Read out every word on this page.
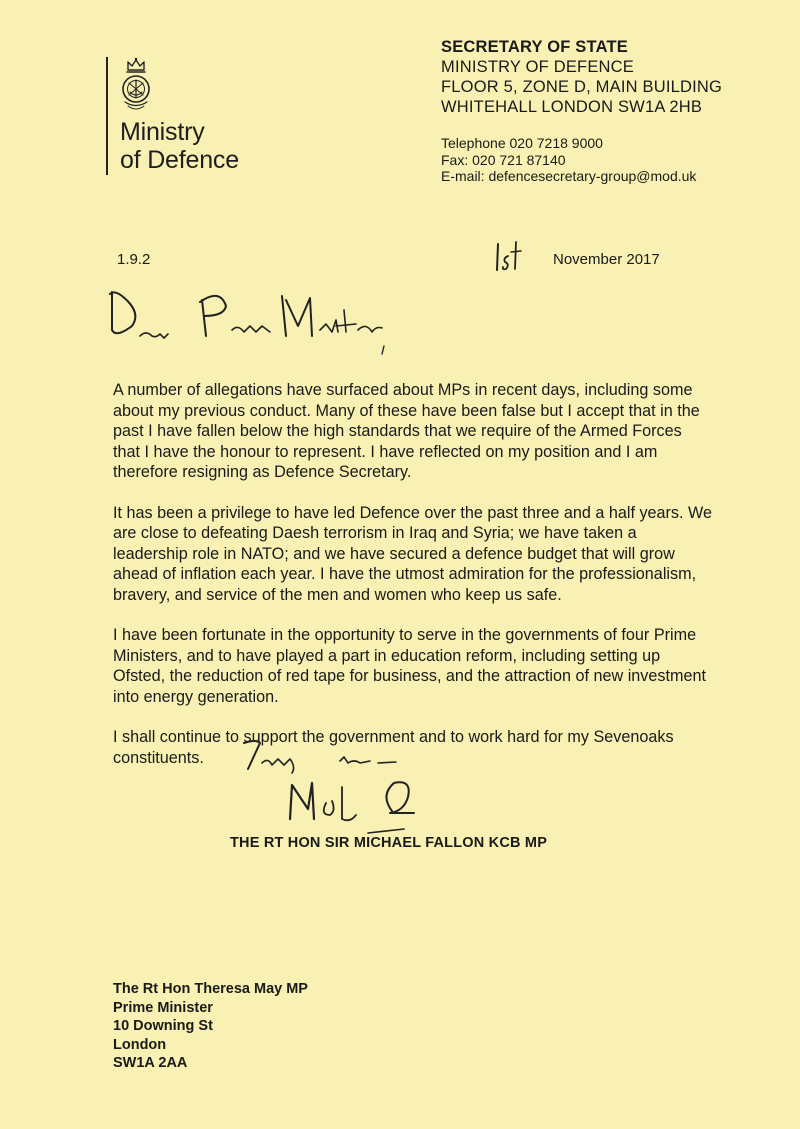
Ministry
of Defence
SECRETARY OF STATE
MINISTRY OF DEFENCE
FLOOR 5, ZONE D, MAIN BUILDING
WHITEHALL LONDON SW1A 2HB
Telephone 020 7218 9000
Fax: 020 721 87140
E-mail: defencesecretary-group@mod.uk
1.9.2	November 2017

A number of allegations have surfaced about MPs in recent days, including some about my previous conduct. Many of these have been false but I accept that in the past I have fallen below the high standards that we require of the Armed Forces that I have the honour to represent. I have reflected on my position and I am therefore resigning as Defence Secretary.

It has been a privilege to have led Defence over the past three and a half years. We are close to defeating Daesh terrorism in Iraq and Syria; we have taken a leadership role in NATO; and we have secured a defence budget that will grow ahead of inflation each year. I have the utmost admiration for the professionalism, bravery, and service of the men and women who keep us safe.

I have been fortunate in the opportunity to serve in the governments of four Prime Ministers, and to have played a part in education reform, including setting up Ofsted, the reduction of red tape for business, and the attraction of new investment into energy generation.

I shall continue to support the government and to work hard for my Sevenoaks constituents.

THE RT HON SIR MICHAEL FALLON KCB MP
The Rt Hon Theresa May MP
Prime Minister
10 Downing St
London
SW1A 2AA
